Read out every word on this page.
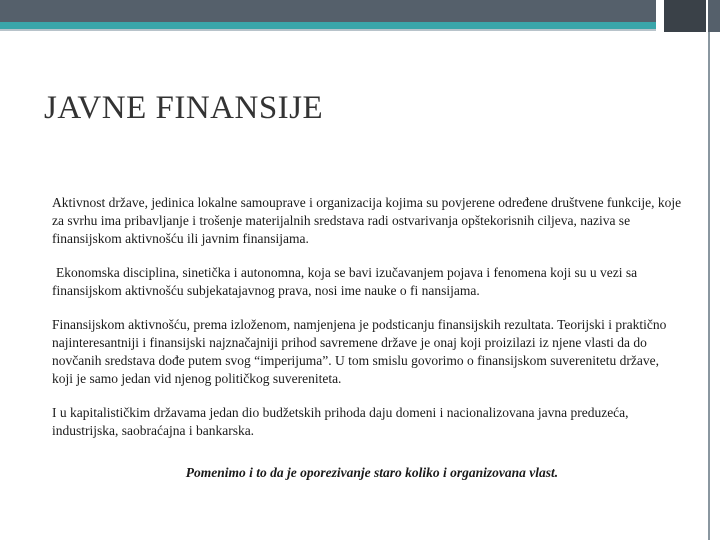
JAVNE FINANSIJE

Aktivnost države, jedinica lokalne samouprave i organizacija kojima su povjerene određene društvene funkcije, koje za svrhu ima pribavljanje i trošenje materijalnih sredstava radi ostvarivanja opštekorisnih ciljeva, naziva se finansijskom aktivnošću ili javnim finansijama.

Ekonomska disciplina, sinetička i autonomna, koja se bavi izučavanjem pojava i fenomena koji su u vezi sa finansijskom aktivnošću subjekatajavnog prava, nosi ime nauke o fi nansijama.

Finansijskom aktivnošću, prema izloženom, namjenjena je podsticanju finansijskih rezultata. Teorijski i praktično najinteresantniji i finansijski najznačajniji prihod savremene države je onaj koji proizilazi iz njene vlasti da do novčanih sredstava dođe putem svog “imperijuma”. U tom smislu govorimo o finansijskom suverenitetu države, koji je samo jedan vid njenog političkog suvereniteta.

I u kapitalističkim državama jedan dio budžetskih prihoda daju domeni i nacionalizovana javna preduzeća, industrijska, saobraćajna i bankarska.

Pomenimo i to da je oporezivanje staro koliko i organizovana vlast.
